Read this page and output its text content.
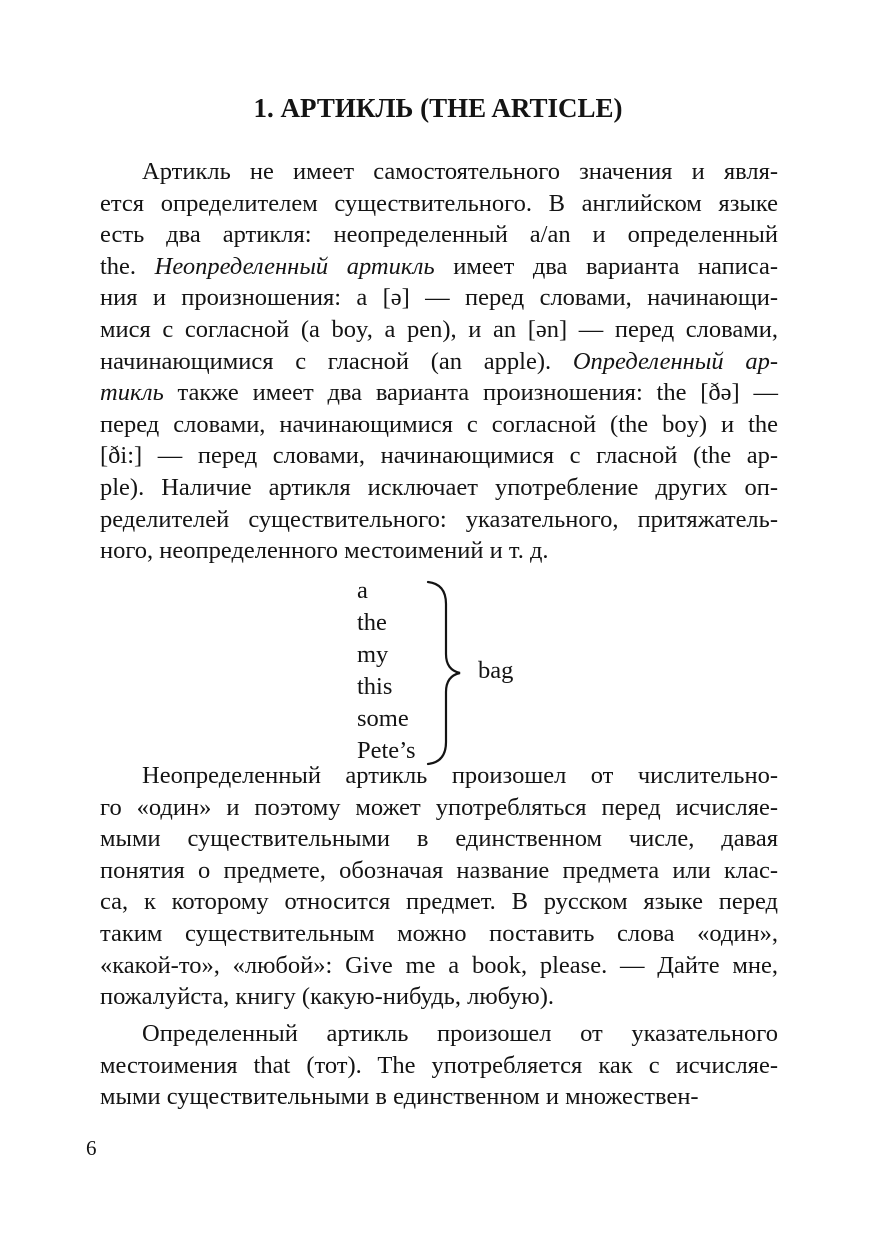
1. АРТИКЛЬ (THE ARTICLE)
Артикль не имеет самостоятельного значения и явля-
ется определителем существительного. В английском языке
есть два артикля: неопределенный a/an и определенный
the. Неопределенный артикль имеет два варианта написа-
ния и произношения: a [ə] — перед словами, начинающи-
мися с согласной (a boy, a pen), и an [ən] — перед словами,
начинающимися с гласной (an apple). Определенный ар-
тикль также имеет два варианта произношения: the [ðə] —
перед словами, начинающимися с согласной (the boy) и the
[ði:] — перед словами, начинающимися с гласной (the ap-
ple). Наличие артикля исключает употребление других оп-
ределителей существительного: указательного, притяжатель-
ного, неопределенного местоимений и т. д.
a
the
my
this
some
Pete’s
bag
Неопределенный артикль произошел от числительно-
го «один» и поэтому может употребляться перед исчисляе-
мыми существительными в единственном числе, давая
понятия о предмете, обозначая название предмета или клас-
са, к которому относится предмет. В русском языке перед
таким существительным можно поставить слова «один»,
«какой-то», «любой»: Give me a book, please. — Дайте мне,
пожалуйста, книгу (какую-нибудь, любую).
Определенный артикль произошел от указательного
местоимения that (тот). The употребляется как с исчисляе-
мыми существительными в единственном и множествен-
6
